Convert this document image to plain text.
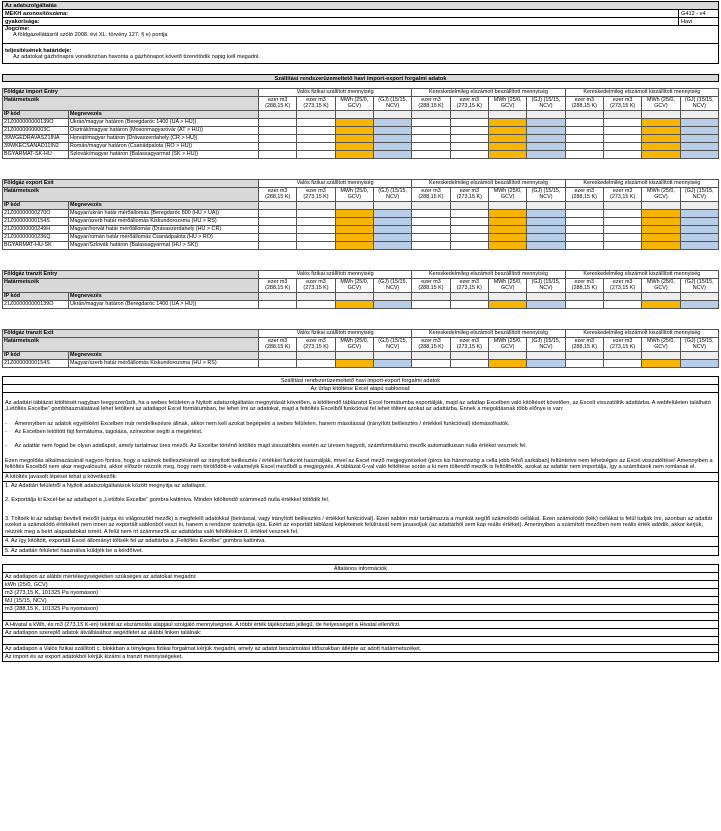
Az adatszolgáltatás
MEKH azonosítószáma:	G412 - v4
gyakorisága:	Havi
Jogcíme:
A földgázellátásról szóló 2008. évi XL. törvény 127. § e) pontja
teljesítésének határideje:
Az adatokat gázhónapra vonatkozóan havonta a gázhónapot követő tizenötödik napig kell megadni.
Szállítási rendszerüzemeltető havi import-export forgalmi adatok
Földgáz import Entry		Valós fizikai szállított mennyiség				Kereskedelmileg elszámolt beszállított mennyiség				Kereskedelmileg elszámolt kiszállított mennyiség			
Határmetszék		ezer m3 (288,15 K)	ezer m3 (273,15 K)	MWh (25/0, GCV)	(GJ) (15/15, NCV)	ezer m3 (288,15 K)	ezer m3 (273,15 K)	MWh (25/0, GCV)	(GJ) (15/15, NCV)	ezer m3 (288,15 K)	ezer m3 (273,15 K)	MWh (25/0, GCV)	(GJ) (15/15, NCV)

IP kód	Megnevezés												
21Z000000000139O	Ukrán/magyar határon (Beregdaróc 1400 (UA > HU))												
21Z00000000003C	Osztrák/magyar határon (Mosonmagyaróvár (AT > HU))												
39WGEDRAVASZ1INA	Horvát/magyar határon (Drávaszerdahely (CR > HU))												
39WKECSANAD11IN2	Román/magyar határon (Csanádpalota (RO > HU))												
BGYARMAT-SK-HU	Szlovák/magyar határon (Balassagyarmat (SK > HU))												
Földgáz export Exit		Valós fizikai szállított mennyiség				Kereskedelmileg elszámolt beszállított mennyiség				Kereskedelmileg elszámolt kiszállított mennyiség			
Határmetszék		ezer m3 (288,15 K)	ezer m3 (273,15 K)	MWh (25/0, GCV)	(GJ) (15/15, NCV)	ezer m3 (288,15 K)	ezer m3 (273,15 K)	MWh (25/0, GCV)	(GJ) (15/15, NCV)	ezer m3 (288,15 K)	ezer m3 (273,15 K)	MWh (25/0, GCV)	(GJ) (15/15, NCV)

IP kód	Megnevezés												
21Z00000000270O	Magyar/ukrán határ mérőállomás (Beregdaróc 800 (HU > UA))												
21Z00000000154S	Magyar/szerb határ mérőállomás Kiskundorozsma (HU > RS)												
21Z00000000249H	Magyar/horvát határ mérőállomás (Drávaszerdahely (HU > CR)												
21Z00000000236Q	Magyar/román határ mérőállomás Csanádpalota (HU > RO)												
BGYARMAT-HU-SK	Magyar/Szlovák határon (Balassagyarmat (HU > SK))												
Földgáz tranzit Entry		Valós fizikai szállított mennyiség				Kereskedelmileg elszámolt beszállított mennyiség				Kereskedelmileg elszámolt kiszállított mennyiség			
Határmetszék		ezer m3 (288,15 K)	ezer m3 (273,15 K)	MWh (25/0, GCV)	(GJ) (15/15, NCV)	ezer m3 (288,15 K)	ezer m3 (273,15 K)	MWh (25/0, GCV)	(GJ) (15/15, NCV)	ezer m3 (288,15 K)	ezer m3 (273,15 K)	MWh (25/0, GCV)	(GJ) (15/15, NCV)

IP kód	Megnevezés												
21Z000000000139O	Ukrán/magyar határon (Beregdaróc 1400 (UA > HU))												
Földgáz tranzit Exit		Valós fizikai szállított mennyiség				Kereskedelmileg elszámolt beszállított mennyiség				Kereskedelmileg elszámolt kiszállított mennyiség			
Határmetszék		ezer m3 (288,15 K)	ezer m3 (273,15 K)	MWh (25/0, GCV)	(GJ) (15/15, NCV)	ezer m3 (288,15 K)	ezer m3 (273,15 K)	MWh (25/0, GCV)	(GJ) (15/15, NCV)	ezer m3 (288,15 K)	ezer m3 (273,15 K)	MWh (25/0, GCV)	(GJ) (15/15, NCV)

IP kód	Megnevezés												
21Z00000000154S	Magyar/szerb határ mérőállomás Kiskundorozsma (HU > RS)												
Szállítási rendszerüzemeltető havi import-export forgalmi adatok
Az űrlap kitöltése Excel alapú sablonnal:

Az adattári táblázat kitöltését nagyban leegyszerűsíti, ha a webes felületen a Nyitott adatszolgáltatás megnyitását követően, a kitöltendő táblázatot Excel formátumba exportálják, majd az adatlap Excelben való kitöltését követően, az Excelt visszatöltik adattárba. A webfelületen található „Letöltés Excelbe” gombhasználatával lehet letölteni az adatlapot Excel formátumban, be lehet írni az adatokat, majd a feltöltés Excelből funkcióval fel lehet tölteni azokat az adattárba. Ennek a megoldásnak több előnye is van:

-     Amennyiben az adatok egyébként Excelben már rendelkezésre állnak, akkor nem kell azokat begépelni a webes felületen, hanem másolással (irányított beillesztés / értékkel funkcióval) idemásolhatók.

-     Az Excelben letöltött fájl formátuma, tagolása, színezése segíti a megértést.

-     Az adattár nem fogad be olyan adatlapot, amely tartalmaz üres mezőt. Az Excelbe történő letöltés majd visszatöltés esetén az üresen hagyott, számformátumú mezők automatikusan nulla értéket vesznek fel.

Ezen megoldás alkalmazásánál nagyon fontos, hogy a számok beillesztésénél az irányított beillesztés / értékkel funkciót használják, mivel az Excel mező megjegyzéseket (piros kis háromszög a cella jobb felső sarkában) feltüntetve nem lehetséges az Excel visszatöltése! Amennyiben a feltöltés Excelből nem akar megvalósulni, akkor először nézzék meg, hogy nem törölődött-e valamelyik Excel mezőből a megjegyzés. A táblázat 0-val való feltöltése során a ki nem töltendő mezők is feltölthetők, azokat az adattár nem importálja, így a számítások nem romlanak el.

A kitöltés javasolt lépései tehát a következők:

1. Az Adattári felületről a Nyitott adatszolgáltatások között megnyitja az adatlapot.

2. Exportálja ki Excel-be az adatlapot a „Letöltés Excelbe” gombra kattintva. Minden kitöltendő számmező nulla értékkel töltődik fel.

3. Töltsék ki az adatlap beviteli mezőit (sárga és világoszöld mezők) a megfelelő adatokkal (beírással, vagy irányított beillesztés / értékkel funkcióval). Ezen sablon már tartalmazza a munkát segítő számolódó cellákat. Ezen számolódó (kék) cellákat is felül tudják írni, azonban az adattár ezeket a számolódó értékeket nem innen az exportált sablonból veszi ki, hanem a rendszer számolja újra. Ezért az exportált táblázat képleteinek felülírását nem javasoljuk (az adattárból sem kap reális értéket). Amennyiben a számított mezőben nem reális érték adódik, akkor kérjük, nézzék meg a beírt alapadatokat ismét. A felül nem írt számmezők az adattárba való feltöltéskor 0, értéket vesznek fel.

4. Az így kitöltött, exportált Excel állományt töltsék fel az adattárba a „Feltöltés Excelbe” gombra kattintva.

5. Az adattári felületet használva küldjék be a kérdőívet.

Általános információk
Az adatlapon az alábbi mértékegységekben szükséges az adatokat megadni:
kWh (25/0, GCV)
m3 (273,15 K, 101325 Pa nyomáson)
MJ (15/15, NCV)
m3 (288,15 K, 101325 Pa nyomáson)
A Hivatal a kWh, és m3 (273,15 K-en) tekinti az elszámolás alapjául szolgáló mennyiségnek. A többi érték tájékoztató jellegű, de helyességét a Hivatal ellenőrzi.
Az adatlapon szereplő adatok átváltásához segédletet az alábbi linken találnak:
Az adatlapon a Valós fizikai szállított c. blokkban a tényleges fizikai forgalmat kérjük megadni, amely az adatot beszámolási időszakban átlépte az adott határmetszéket.
Az import és az export adatokból kérjük kizárni a tranzit mennyiségeket.
